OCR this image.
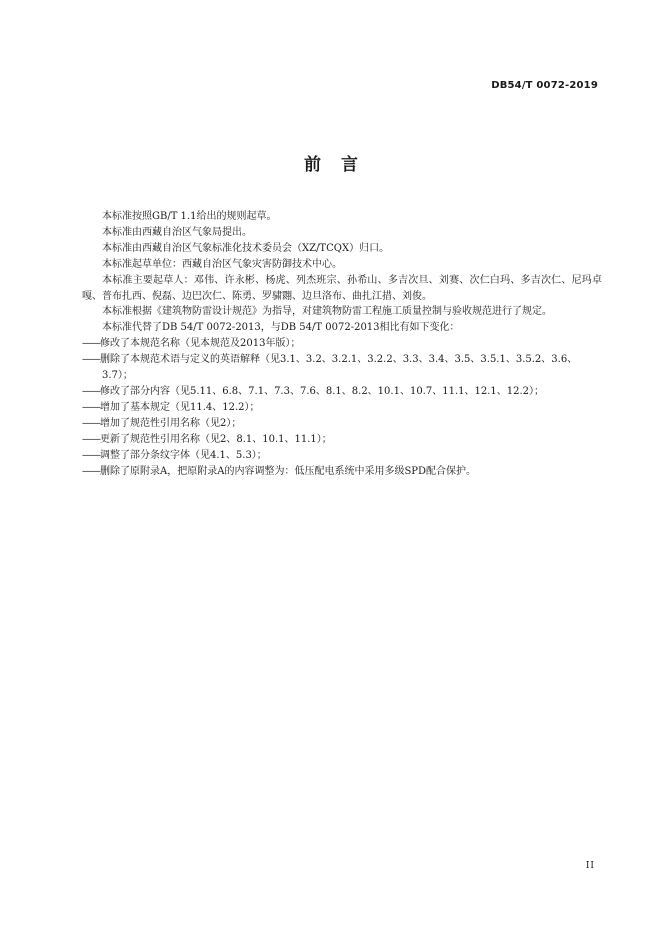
DB54/T 0072-2019
前言

本标准按照GB/T 1.1给出的规则起草。

本标准由西藏自治区气象局提出。

本标准由西藏自治区气象标准化技术委员会（XZ/TCQX）归口。

本标准起草单位：西藏自治区气象灾害防御技术中心。

本标准主要起草人：邓伟、许永彬、杨虎、列杰班宗、孙希山、多吉次旦、刘赛、次仁白玛、多吉次仁、尼玛卓嘎、普布扎西、倪磊、边巴次仁、陈勇、罗骕翾、边旦洛布、曲扎江措、刘俊。

本标准根据《建筑物防雷设计规范》为指导，对建筑物防雷工程施工质量控制与验收规范进行了规定。

本标准代替了DB 54/T 0072-2013，与DB 54/T 0072-2013相比有如下变化：

——修改了本规范名称（见本规范及2013年版）；

——删除了本规范术语与定义的英语解释（见3.1、3.2、3.2.1、3.2.2、3.3、3.4、3.5、3.5.1、3.5.2、3.6、3.7）；

——修改了部分内容（见5.11、6.8、7.1、7.3、7.6、8.1、8.2、10.1、10.7、11.1、12.1、12.2）；

——增加了基本规定（见11.4、12.2）；

——增加了规范性引用名称（见2）；

——更新了规范性引用名称（见2、8.1、10.1、11.1）；

——调整了部分条纹字体（见4.1、5.3）；

——删除了原附录A，把原附录A的内容调整为：低压配电系统中采用多级SPD配合保护。

II
